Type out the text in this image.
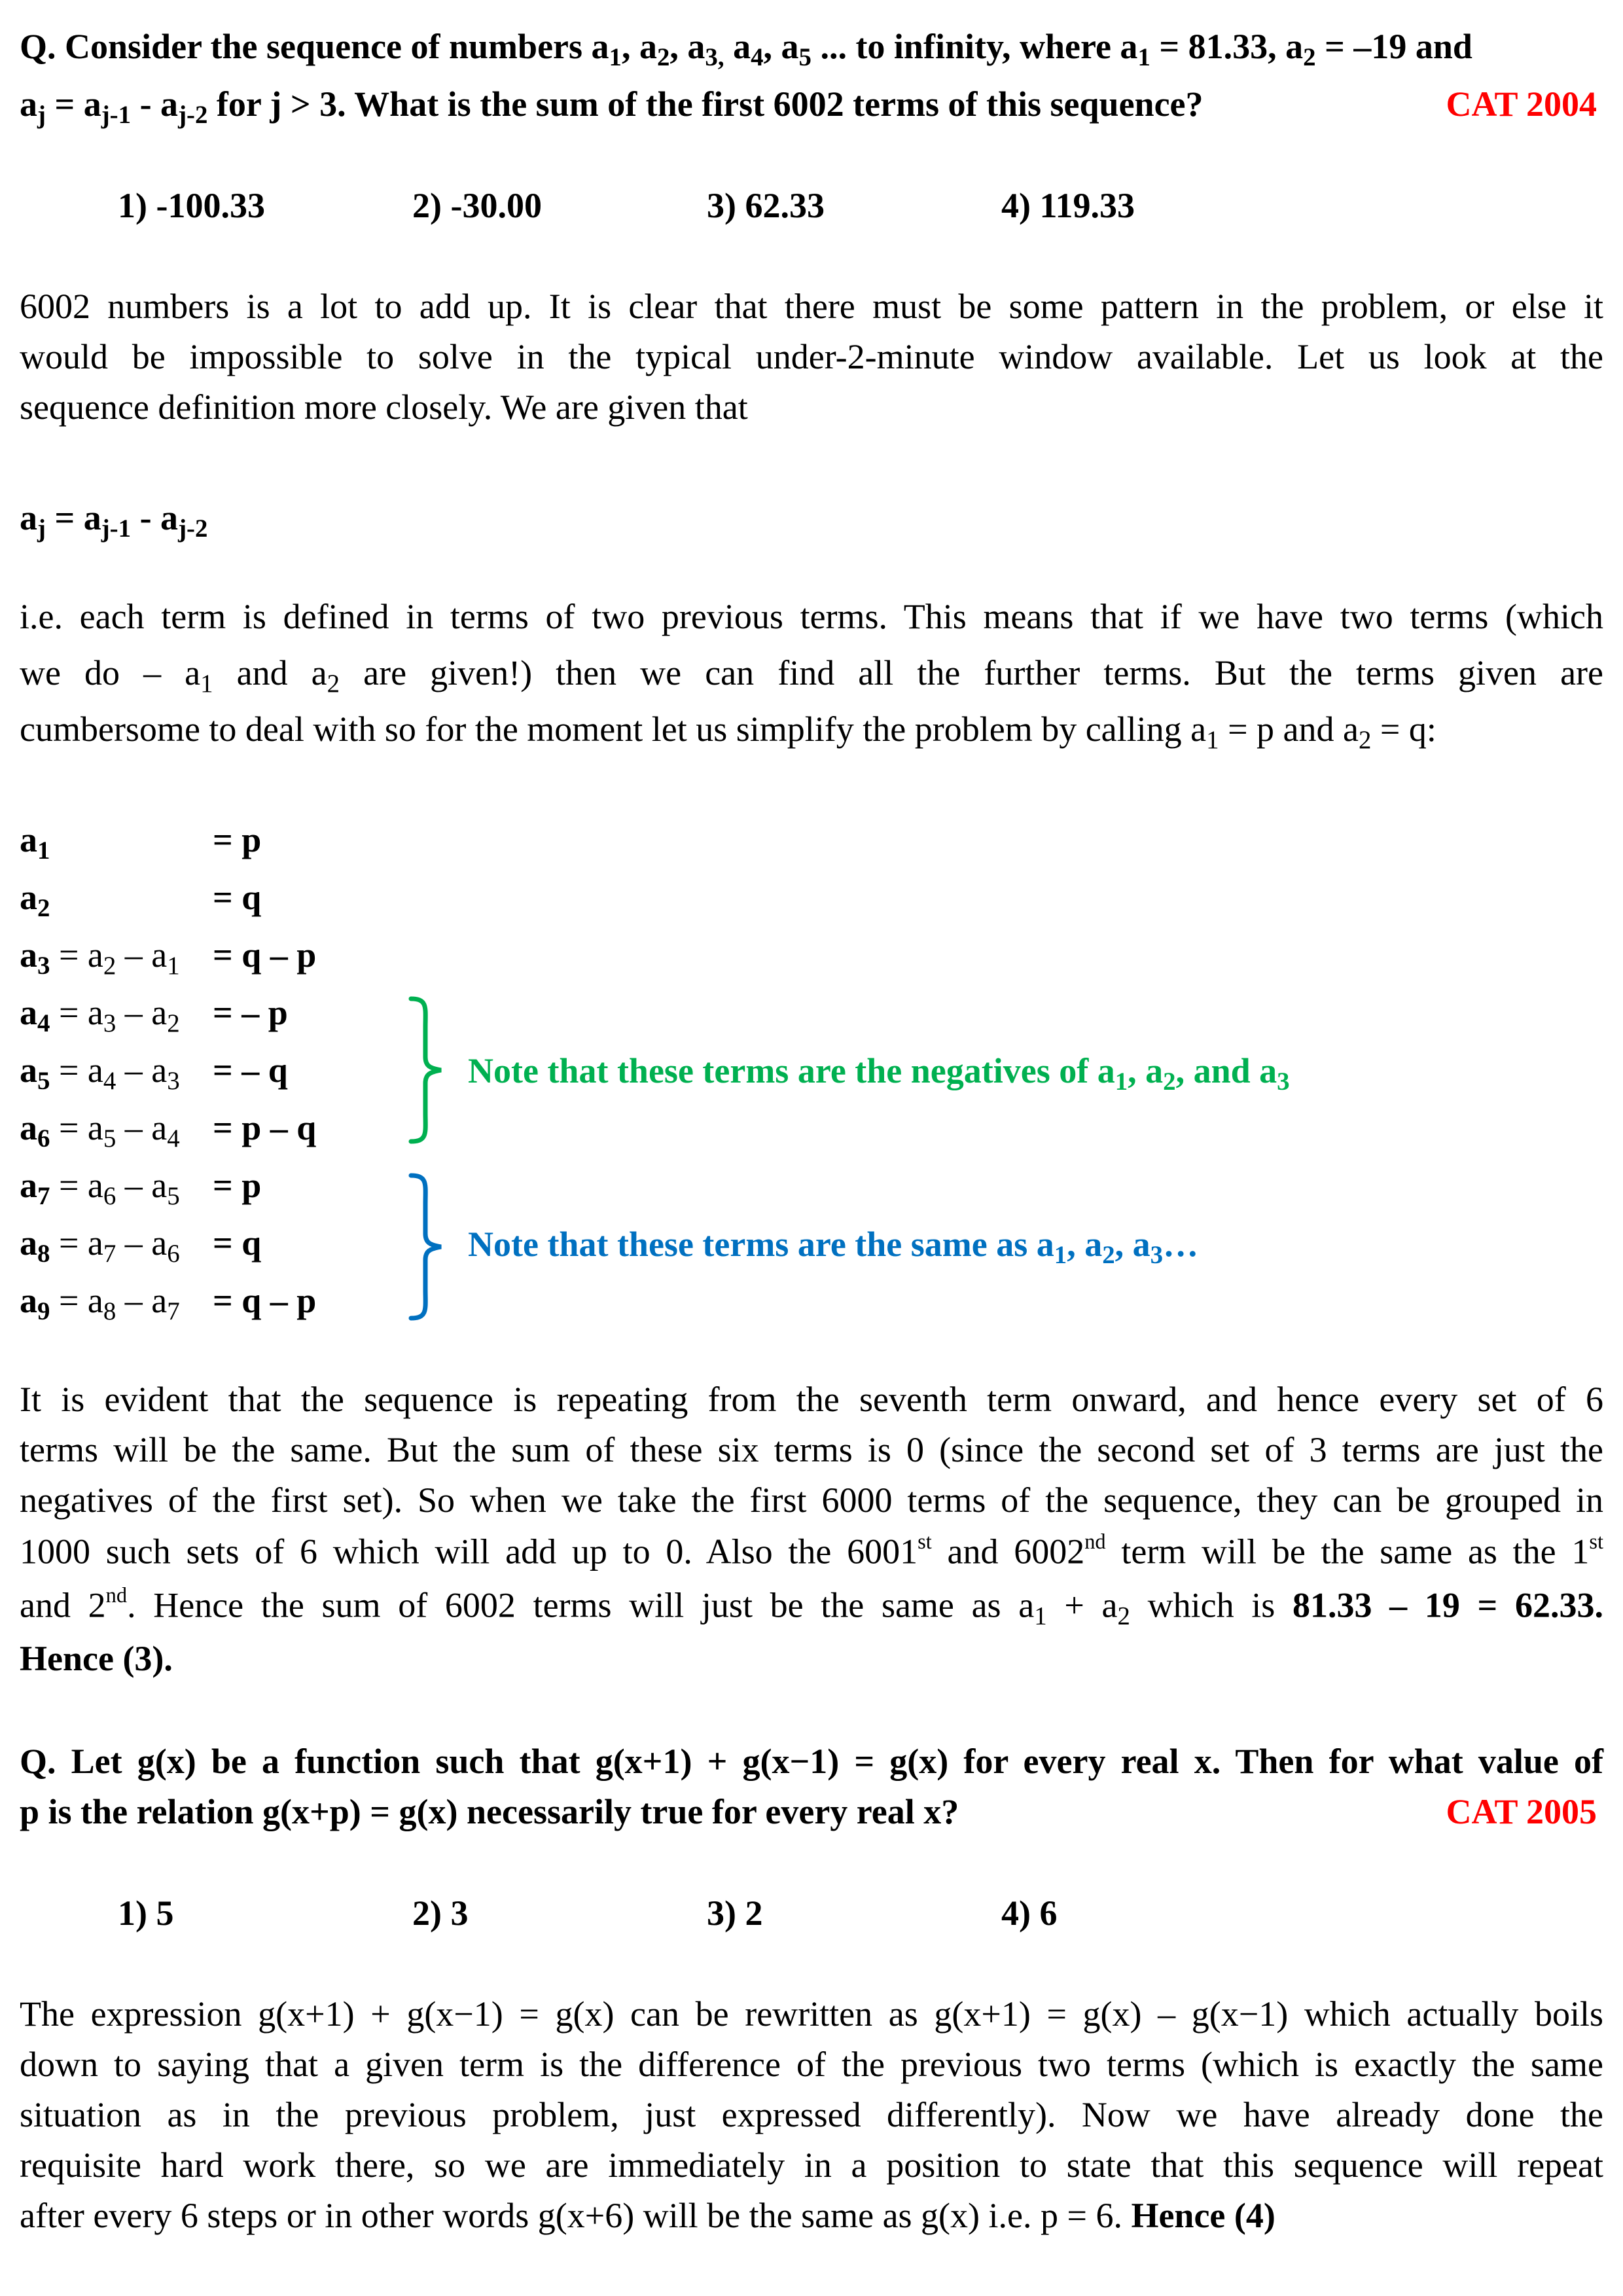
Q. Consider the sequence of numbers $a_1$, $a_2$, $a_{3,}$ $a_4$, $a_5$ ... to infinity, where $a_1 = 81.33$, $a_2 = -19$ and
$a_j = a_{j-1} - a_{j-2}$ for j > 3. What is the sum of the first 6002 terms of this sequence?	CAT 2004
1) -100.33	2) -30.00	3) 62.33	4) 119.33
6002 numbers is a lot to add up. It is clear that there must be some pattern in the problem, or else it
would be impossible to solve in the typical under-2-minute window available. Let us look at the
sequence definition more closely. We are given that
$a_j = a_{j-1} - a_{j-2}$
i.e. each term is defined in terms of two previous terms. This means that if we have two terms (which
we do – $a_1$ and $a_2$ are given!) then we can find all the further terms. But the terms given are
cumbersome to deal with so for the moment let us simplify the problem by calling $a_1 = p$ and $a_2 = q$:
$a_1$	= p
$a_2$	= q
$a_3 = a_2 - a_1 = q - p$
$a_4 = a_3 - a_2$ = – p
$a_5 = a_4 - a_3$ = – q
$a_6 = a_5 - a_4 = p - q$
$a_7 = a_6 - a_5 = p$
$a_8 = a_7 - a_6 = q$
$a_9 = a_8 - a_7 = q - p$
Note that these terms are the negatives of $a_1$, $a_2$, and $a_3$
Note that these terms are the same as $a_1$, $a_2$, $a_3\dots$
It is evident that the sequence is repeating from the seventh term onward, and hence every set of 6
terms will be the same. But the sum of these six terms is 0 (since the second set of 3 terms are just the
negatives of the first set). So when we take the first 6000 terms of the sequence, they can be grouped in
1000 such sets of 6 which will add up to 0. Also the 6001st and 6002nd term will be the same as the 1st
and 2nd. Hence the sum of 6002 terms will just be the same as $a_1 + a_2$ which is 81.33 – 19 = 62.33.
Hence (3).
Q. Let g(x) be a function such that g(x+1) + g(x−1) = g(x) for every real x. Then for what value of
p is the relation g(x+p) = g(x) necessarily true for every real x?	CAT 2005
1) 5	2) 3	3) 2	4) 6
The expression g(x+1) + g(x−1) = g(x) can be rewritten as g(x+1) = g(x) – g(x−1) which actually boils
down to saying that a given term is the difference of the previous two terms (which is exactly the same
situation as in the previous problem, just expressed differently). Now we have already done the
requisite hard work there, so we are immediately in a position to state that this sequence will repeat
after every 6 steps or in other words g(x+6) will be the same as g(x) i.e. p = 6. Hence (4)
